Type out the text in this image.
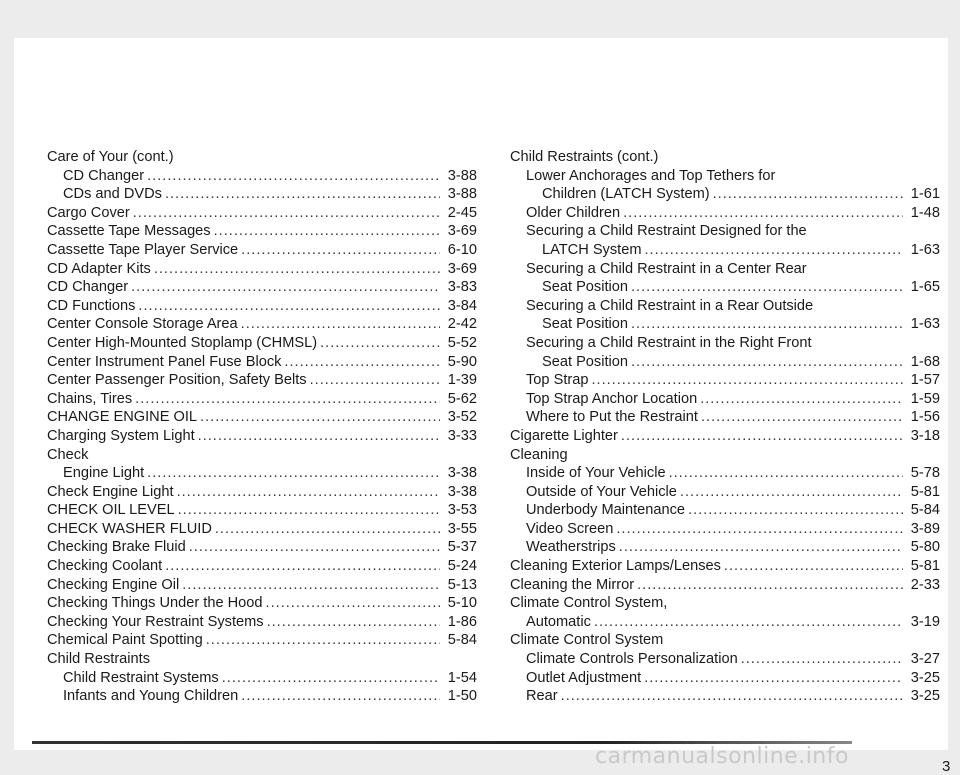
Care of Your (cont.)
CD Changer .....	3-88
CDs and DVDs .....	3-88
Cargo Cover .....	2-45
Cassette Tape Messages .....	3-69
Cassette Tape Player Service .....	6-10
CD Adapter Kits .....	3-69
CD Changer .....	3-83
CD Functions .....	3-84
Center Console Storage Area .....	2-42
Center High-Mounted Stoplamp (CHMSL) .....	5-52
Center Instrument Panel Fuse Block .....	5-90
Center Passenger Position, Safety Belts .....	1-39
Chains, Tires .....	5-62
CHANGE ENGINE OIL .....	3-52
Charging System Light .....	3-33
Check
Engine Light .....	3-38
Check Engine Light .....	3-38
CHECK OIL LEVEL .....	3-53
CHECK WASHER FLUID .....	3-55
Checking Brake Fluid .....	5-37
Checking Coolant .....	5-24
Checking Engine Oil .....	5-13
Checking Things Under the Hood .....	5-10
Checking Your Restraint Systems .....	1-86
Chemical Paint Spotting .....	5-84
Child Restraints
Child Restraint Systems .....	1-54
Infants and Young Children .....	1-50
Child Restraints (cont.)
Lower Anchorages and Top Tethers for
Children (LATCH System) .....	1-61
Older Children .....	1-48
Securing a Child Restraint Designed for the
LATCH System .....	1-63
Securing a Child Restraint in a Center Rear
Seat Position .....	1-65
Securing a Child Restraint in a Rear Outside
Seat Position .....	1-63
Securing a Child Restraint in the Right Front
Seat Position .....	1-68
Top Strap .....	1-57
Top Strap Anchor Location .....	1-59
Where to Put the Restraint .....	1-56
Cigarette Lighter .....	3-18
Cleaning
Inside of Your Vehicle .....	5-78
Outside of Your Vehicle .....	5-81
Underbody Maintenance .....	5-84
Video Screen .....	3-89
Weatherstrips .....	5-80
Cleaning Exterior Lamps/Lenses .....	5-81
Cleaning the Mirror .....	2-33
Climate Control System,
Automatic .....	3-19
Climate Control System
Climate Controls Personalization .....	3-27
Outlet Adjustment .....	3-25
Rear .....	3-25
3
carmanualsonline.info
